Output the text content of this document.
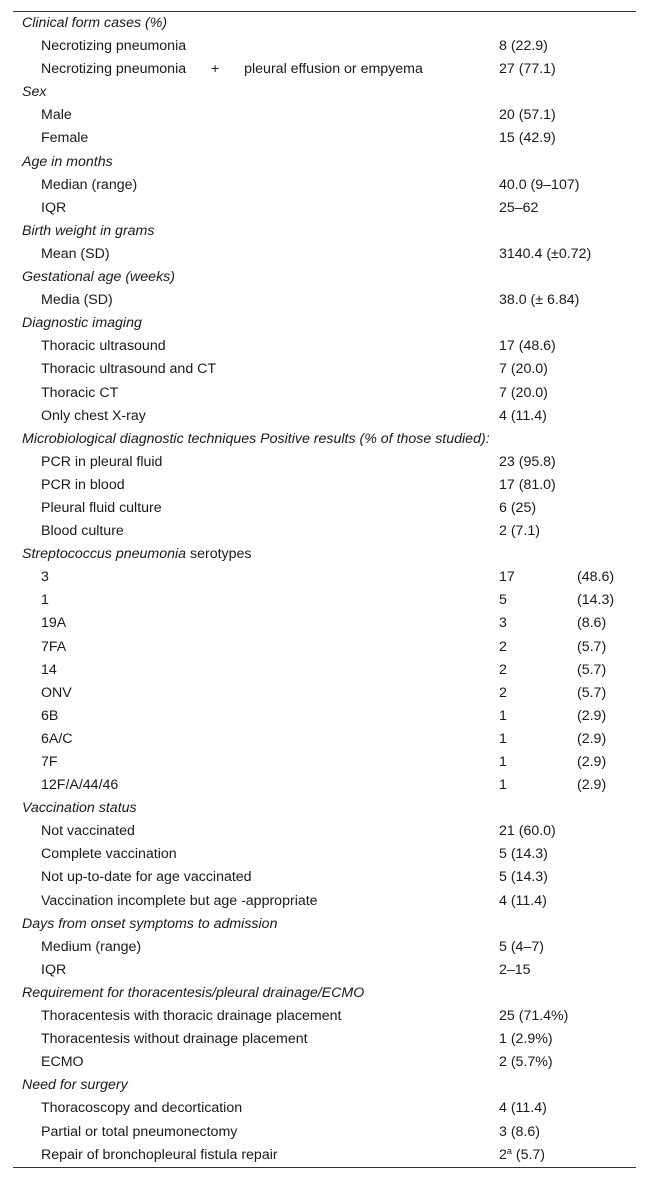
Clinical form cases (%)
Necrotizing pneumonia	8 (22.9)
Necrotizing pneumonia + pleural effusion or empyema	27 (77.1)
Sex
Male	20 (57.1)
Female	15 (42.9)
Age in months
Median (range)	40.0 (9–107)
IQR	25–62
Birth weight in grams
Mean (SD)	3140.4 (±0.72)
Gestational age (weeks)
Media (SD)	38.0 (± 6.84)
Diagnostic imaging
Thoracic ultrasound	17 (48.6)
Thoracic ultrasound and CT	7 (20.0)
Thoracic CT	7 (20.0)
Only chest X-ray	4 (11.4)
Microbiological diagnostic techniques Positive results (% of those studied):
PCR in pleural fluid	23 (95.8)
PCR in blood	17 (81.0)
Pleural fluid culture	6 (25)
Blood culture	2 (7.1)
Streptococcus pneumonia serotypes
3	17	(48.6)
1	5	(14.3)
19A	3	(8.6)
7FA	2	(5.7)
14	2	(5.7)
ONV	2	(5.7)
6B	1	(2.9)
6A/C	1	(2.9)
7F	1	(2.9)
12F/A/44/46	1	(2.9)
Vaccination status
Not vaccinated	21 (60.0)
Complete vaccination	5 (14.3)
Not up-to-date for age vaccinated	5 (14.3)
Vaccination incomplete but age -appropriate	4 (11.4)
Days from onset symptoms to admission
Medium (range)	5 (4–7)
IQR	2–15
Requirement for thoracentesis/pleural drainage/ECMO
Thoracentesis with thoracic drainage placement	25 (71.4%)
Thoracentesis without drainage placement	1 (2.9%)
ECMO	2 (5.7%)
Need for surgery
Thoracoscopy and decortication	4 (11.4)
Partial or total pneumonectomy	3 (8.6)
Repair of bronchopleural fistula repair	2$^a$ (5.7)
